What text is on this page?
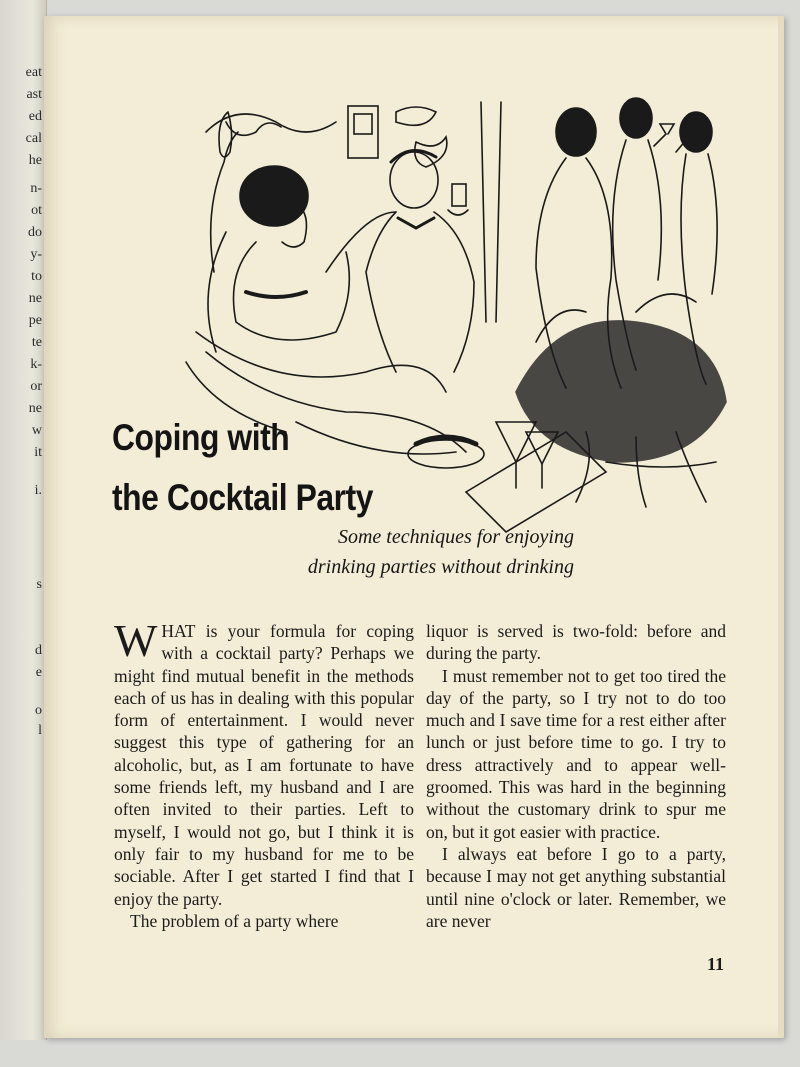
eat
ast
ed
cal
he
n-
ot
do
y-
to
ne
pe
te
k-
or
ne
w
it
i.
s
d
e
o
l
Coping with
the Cocktail Party
Some techniques for enjoying
drinking parties without drinking

WHAT is your formula for coping with a cocktail party? Perhaps we might find mutual benefit in the methods each of us has in dealing with this popular form of entertainment. I would never suggest this type of gathering for an alcoholic, but, as I am fortunate to have some friends left, my husband and I are often invited to their parties. Left to myself, I would not go, but I think it is only fair to my husband for me to be sociable. After I get started I find that I enjoy the party.

The problem of a party where

liquor is served is two-fold: before and during the party.

I must remember not to get too tired the day of the party, so I try not to do too much and I save time for a rest either after lunch or just before time to go. I try to dress attractively and to appear well-groomed. This was hard in the beginning without the customary drink to spur me on, but it got easier with practice.

I always eat before I go to a party, because I may not get anything substantial until nine o'clock or later. Remember, we are never

11
